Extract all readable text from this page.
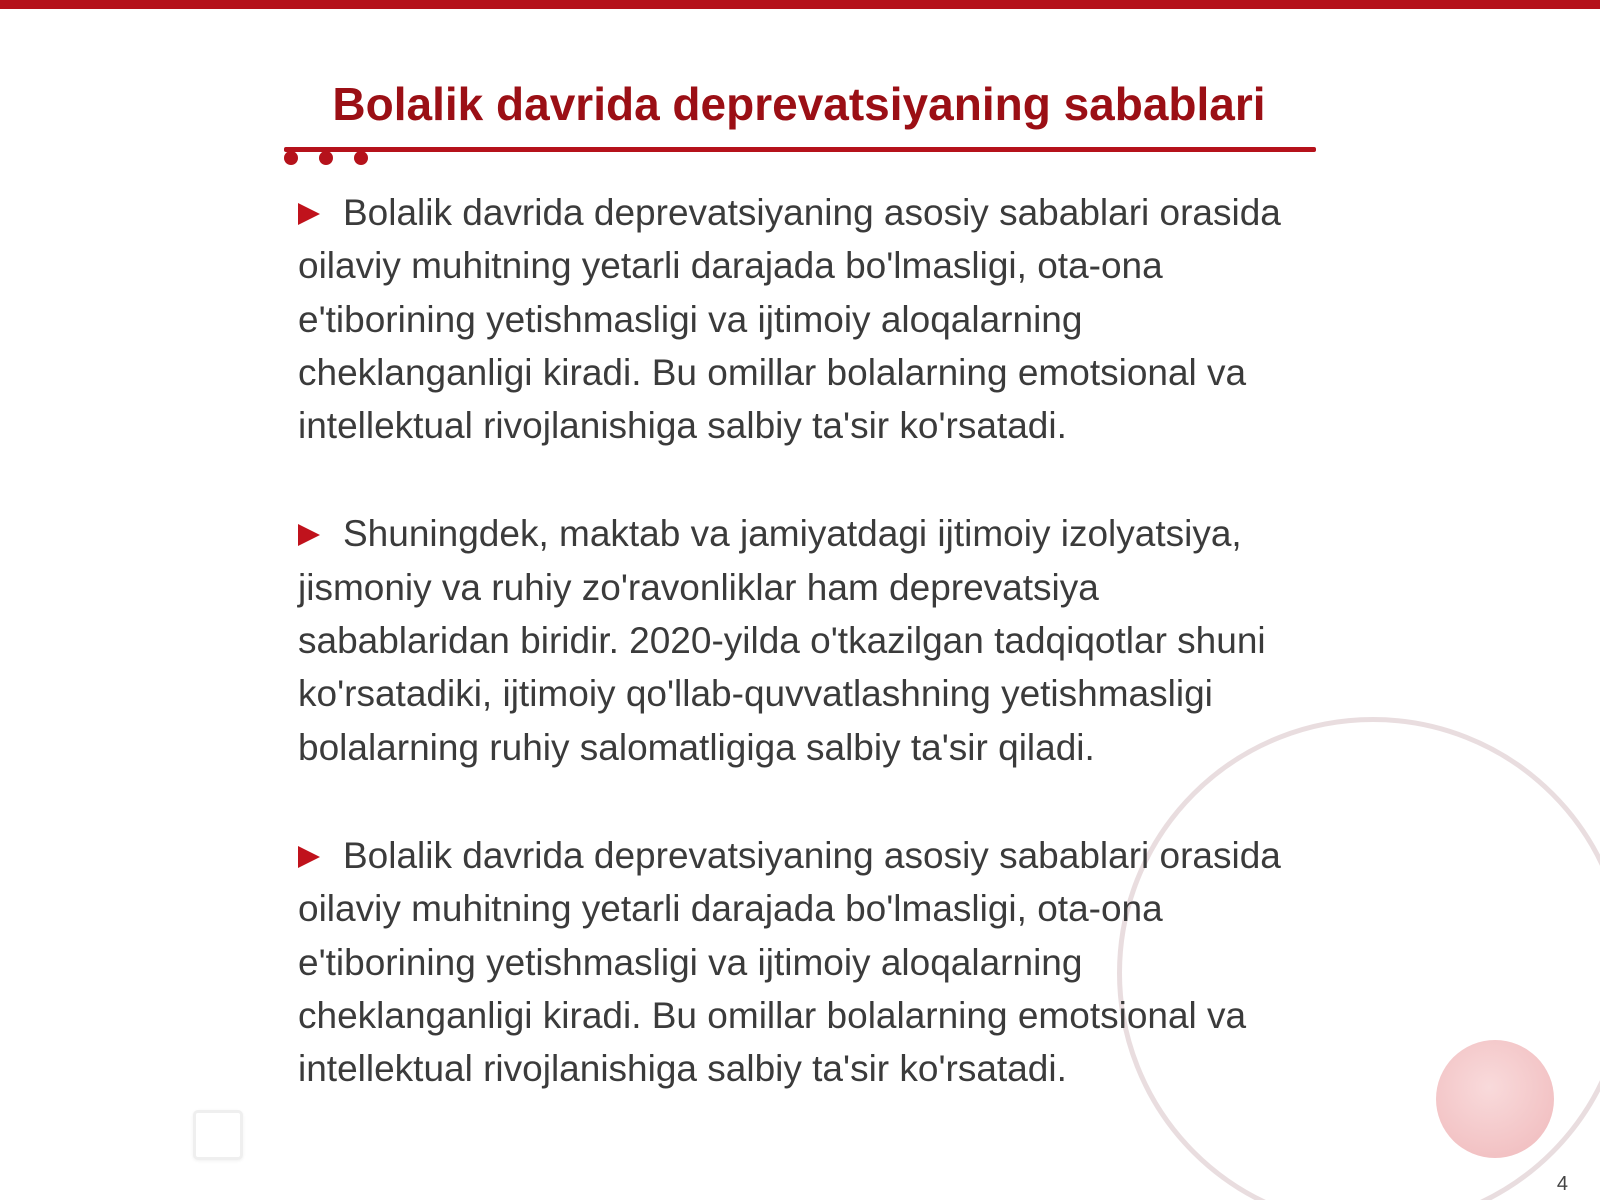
Bolalik davrida deprevatsiyaning sabablari
Bolalik davrida deprevatsiyaning asosiy sabablari orasida oilaviy muhitning yetarli darajada bo'lmasligi, ota-ona e'tiborining yetishmasligi va ijtimoiy aloqalarning cheklanganligi kiradi. Bu omillar bolalarning emotsional va intellektual rivojlanishiga salbiy ta'sir ko'rsatadi.
Shuningdek, maktab va jamiyatdagi ijtimoiy izolyatsiya, jismoniy va ruhiy zo'ravonliklar ham deprevatsiya sabablaridan biridir. 2020-yilda o'tkazilgan tadqiqotlar shuni ko'rsatadiki, ijtimoiy qo'llab-quvvatlashning yetishmasligi bolalarning ruhiy salomatligiga salbiy ta'sir qiladi.
Bolalik davrida deprevatsiyaning asosiy sabablari orasida oilaviy muhitning yetarli darajada bo'lmasligi, ota-ona e'tiborining yetishmasligi va ijtimoiy aloqalarning cheklanganligi kiradi. Bu omillar bolalarning emotsional va intellektual rivojlanishiga salbiy ta'sir ko'rsatadi.
4
